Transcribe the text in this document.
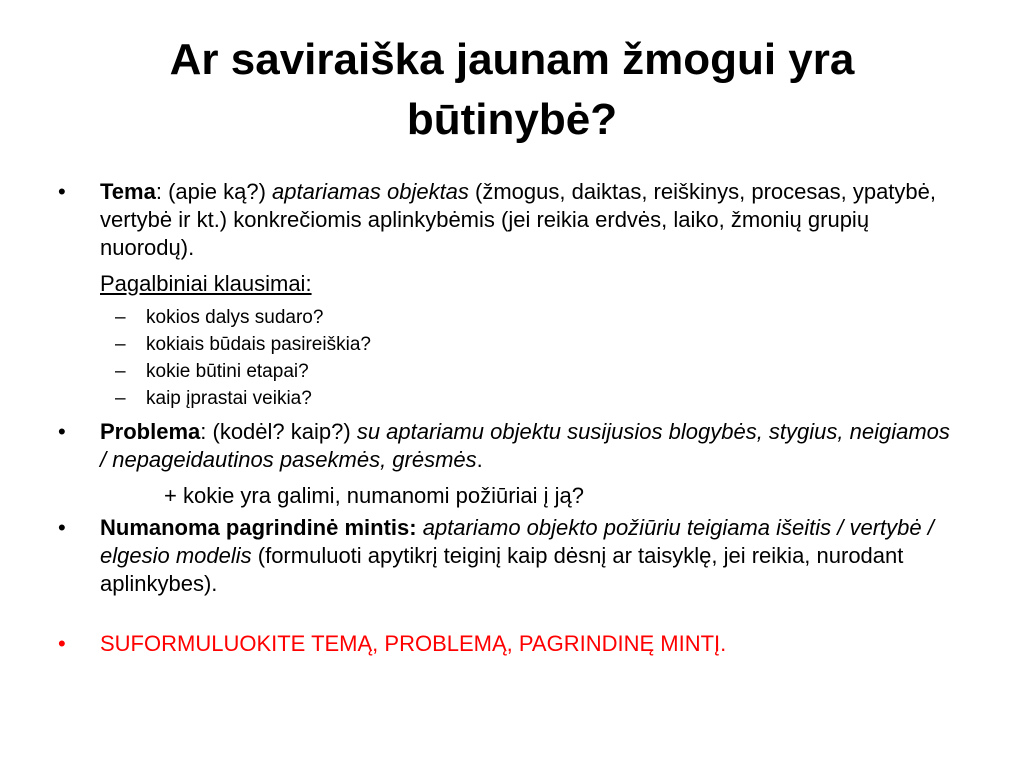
Ar saviraiška jaunam žmogui yra
būtinybė?
• Tema: (apie ką?) aptariamas objektas (žmogus, daiktas, reiškinys, procesas, ypatybė, vertybė ir kt.) konkrečiomis aplinkybėmis (jei reikia erdvės, laiko, žmonių grupių nuorodų).
Pagalbiniai klausimai:
– kokios dalys sudaro?
– kokiais būdais pasireiškia?
– kokie būtini etapai?
– kaip įprastai veikia?
• Problema: (kodėl? kaip?) su aptariamu objektu susijusios blogybės, stygius, neigiamos / nepageidautinos pasekmės, grėsmės.
+ kokie yra galimi, numanomi požiūriai į ją?
• Numanoma pagrindinė mintis: aptariamo objekto požiūriu teigiama išeitis / vertybė / elgesio modelis (formuluoti apytikrį teiginį kaip dėsnį ar taisyklę, jei reikia, nurodant aplinkybes).
• SUFORMULUOKITE TEMĄ, PROBLEMĄ, PAGRINDINĘ MINTĮ.
